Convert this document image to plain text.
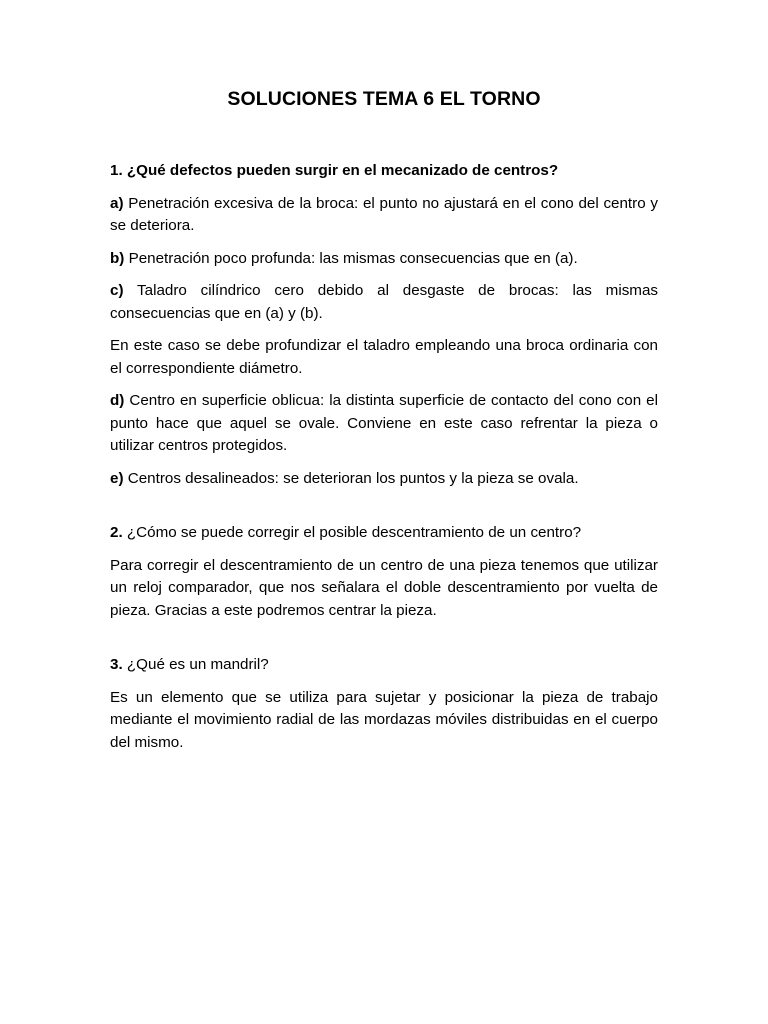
SOLUCIONES TEMA 6 EL TORNO

1. ¿Qué defectos pueden surgir en el mecanizado de centros?

a) Penetración excesiva de la broca: el punto no ajustará en el cono del centro y se deteriora.

b) Penetración poco profunda: las mismas consecuencias que en (a).

c) Taladro cilíndrico cero debido al desgaste de brocas: las mismas consecuencias que en (a) y (b).

En este caso se debe profundizar el taladro empleando una broca ordinaria con el correspondiente diámetro.

d) Centro en superficie oblicua: la distinta superficie de contacto del cono con el punto hace que aquel se ovale. Conviene en este caso refrentar la pieza o utilizar centros protegidos.

e) Centros desalineados: se deterioran los puntos y la pieza se ovala.

2. ¿Cómo se puede corregir el posible descentramiento de un centro?

Para corregir el descentramiento de un centro de una pieza tenemos que utilizar un reloj comparador, que nos señalara el doble descentramiento por vuelta de pieza. Gracias a este podremos centrar la pieza.

3. ¿Qué es un mandril?

Es un elemento que se utiliza para sujetar y posicionar la pieza de trabajo mediante el movimiento radial de las mordazas móviles distribuidas en el cuerpo del mismo.
